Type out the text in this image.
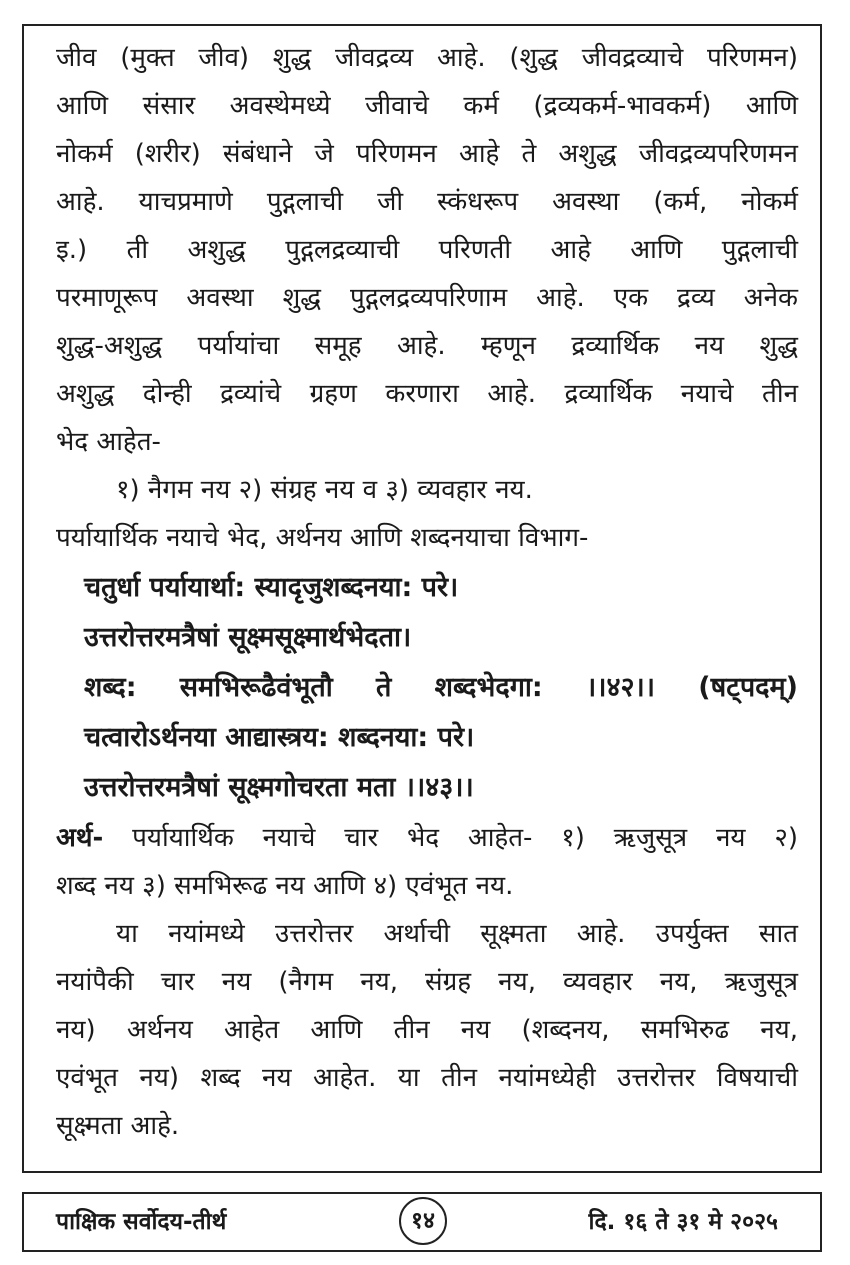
जीव (मुक्त जीव) शुद्ध जीवद्रव्य आहे. (शुद्ध जीवद्रव्याचे परिणमन)
आणि संसार अवस्थेमध्ये जीवाचे कर्म (द्रव्यकर्म-भावकर्म) आणि
नोकर्म (शरीर) संबंधाने जे परिणमन आहे ते अशुद्ध जीवद्रव्यपरिणमन
आहे. याचप्रमाणे पुद्गलाची जी स्कंधरूप अवस्था (कर्म, नोकर्म
इ.) ती अशुद्ध पुद्गलद्रव्याची परिणती आहे आणि पुद्गलाची
परमाणूरूप अवस्था शुद्ध पुद्गलद्रव्यपरिणाम आहे. एक द्रव्य अनेक
शुद्ध-अशुद्ध पर्यायांचा समूह आहे. म्हणून द्रव्यार्थिक नय शुद्ध
अशुद्ध दोन्ही द्रव्यांचे ग्रहण करणारा आहे. द्रव्यार्थिक नयाचे तीन
भेद आहेत-
१) नैगम नय २) संग्रह नय व ३) व्यवहार नय.
पर्यायार्थिक नयाचे भेद, अर्थनय आणि शब्दनयाचा विभाग-
चतुर्धा पर्यायार्था: स्यादृजुशब्दनया: परे।
उत्तरोत्तरमत्रैषां सूक्ष्मसूक्ष्मार्थभेदता।
शब्द: समभिरूढैवंभूतौ ते शब्दभेदगा: ।।४२।। (षट्पदम्)
चत्वारोऽर्थनया आद्यास्त्रय: शब्दनया: परे।
उत्तरोत्तरमत्रैषां सूक्ष्मगोचरता मता ।।४३।।
अर्थ- पर्यायार्थिक नयाचे चार भेद आहेत- १) ऋजुसूत्र नय २)
शब्द नय ३) समभिरूढ नय आणि ४) एवंभूत नय.
या नयांमध्ये उत्तरोत्तर अर्थाची सूक्ष्मता आहे. उपर्युक्त सात
नयांपैकी चार नय (नैगम नय, संग्रह नय, व्यवहार नय, ऋजुसूत्र
नय) अर्थनय आहेत आणि तीन नय (शब्दनय, समभिरुढ नय,
एवंभूत नय) शब्द नय आहेत. या तीन नयांमध्येही उत्तरोत्तर विषयाची
सूक्ष्मता आहे.
पाक्षिक सर्वोदय-तीर्थ	१४	दि. १६ ते ३१ मे २०२५
